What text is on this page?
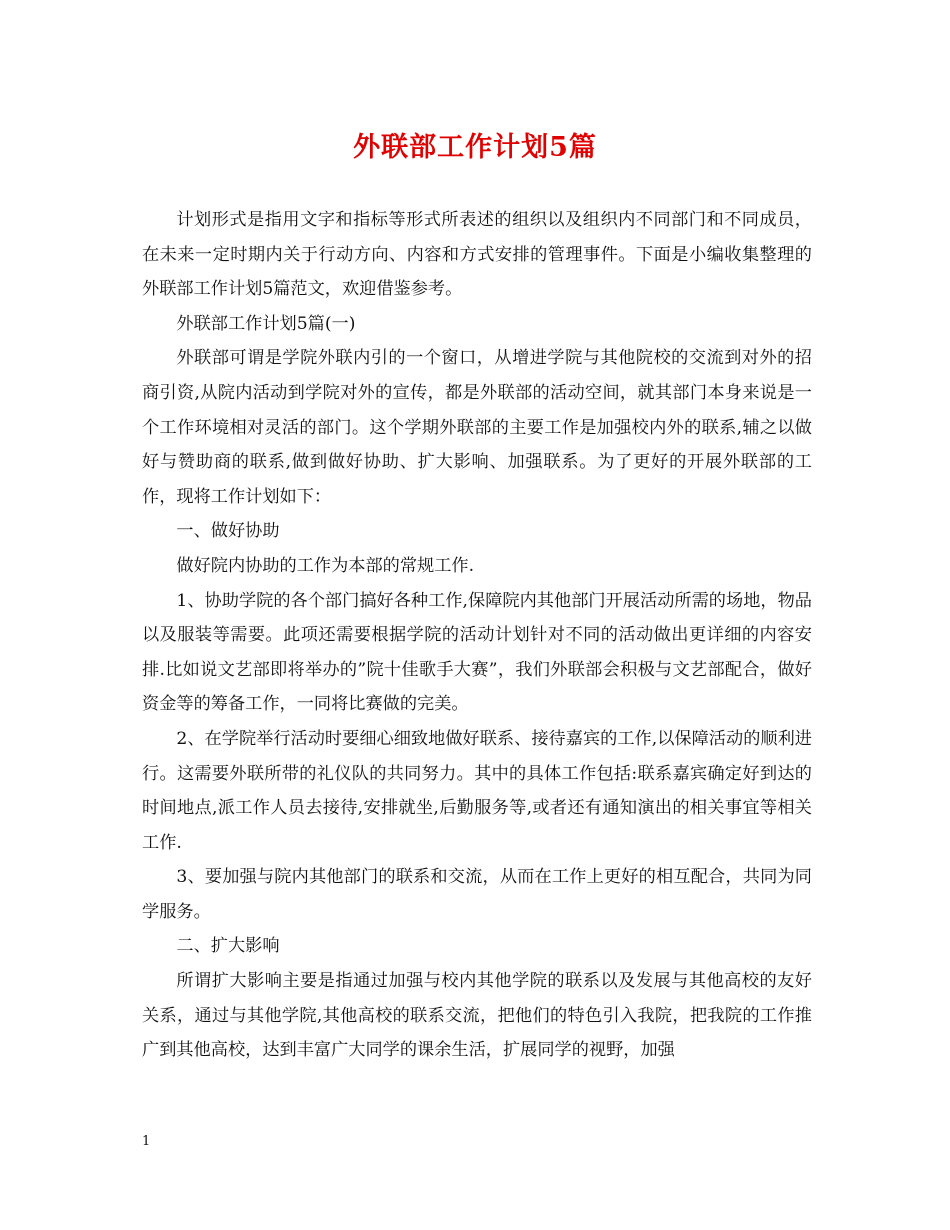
外联部工作计划5篇

计划形式是指用文字和指标等形式所表述的组织以及组织内不同部门和不同成员，在未来一定时期内关于行动方向、内容和方式安排的管理事件。下面是小编收集整理的外联部工作计划5篇范文，欢迎借鉴参考。

外联部工作计划5篇(一)

外联部可谓是学院外联内引的一个窗口，从增进学院与其他院校的交流到对外的招商引资,从院内活动到学院对外的宣传，都是外联部的活动空间，就其部门本身来说是一个工作环境相对灵活的部门。这个学期外联部的主要工作是加强校内外的联系,辅之以做好与赞助商的联系,做到做好协助、扩大影响、加强联系。为了更好的开展外联部的工作，现将工作计划如下：

一、做好协助

做好院内协助的工作为本部的常规工作.

1、协助学院的各个部门搞好各种工作,保障院内其他部门开展活动所需的场地，物品以及服装等需要。此项还需要根据学院的活动计划针对不同的活动做出更详细的内容安排.比如说文艺部即将举办的”院十佳歌手大赛”，我们外联部会积极与文艺部配合，做好资金等的筹备工作，一同将比赛做的完美。

2、在学院举行活动时要细心细致地做好联系、接待嘉宾的工作,以保障活动的顺利进行。这需要外联所带的礼仪队的共同努力。其中的具体工作包括:联系嘉宾确定好到达的时间地点,派工作人员去接待,安排就坐,后勤服务等,或者还有通知演出的相关事宜等相关工作.

3、要加强与院内其他部门的联系和交流，从而在工作上更好的相互配合，共同为同学服务。

二、扩大影响

所谓扩大影响主要是指通过加强与校内其他学院的联系以及发展与其他高校的友好关系，通过与其他学院,其他高校的联系交流，把他们的特色引入我院，把我院的工作推广到其他高校，达到丰富广大同学的课余生活，扩展同学的视野，加强

1
